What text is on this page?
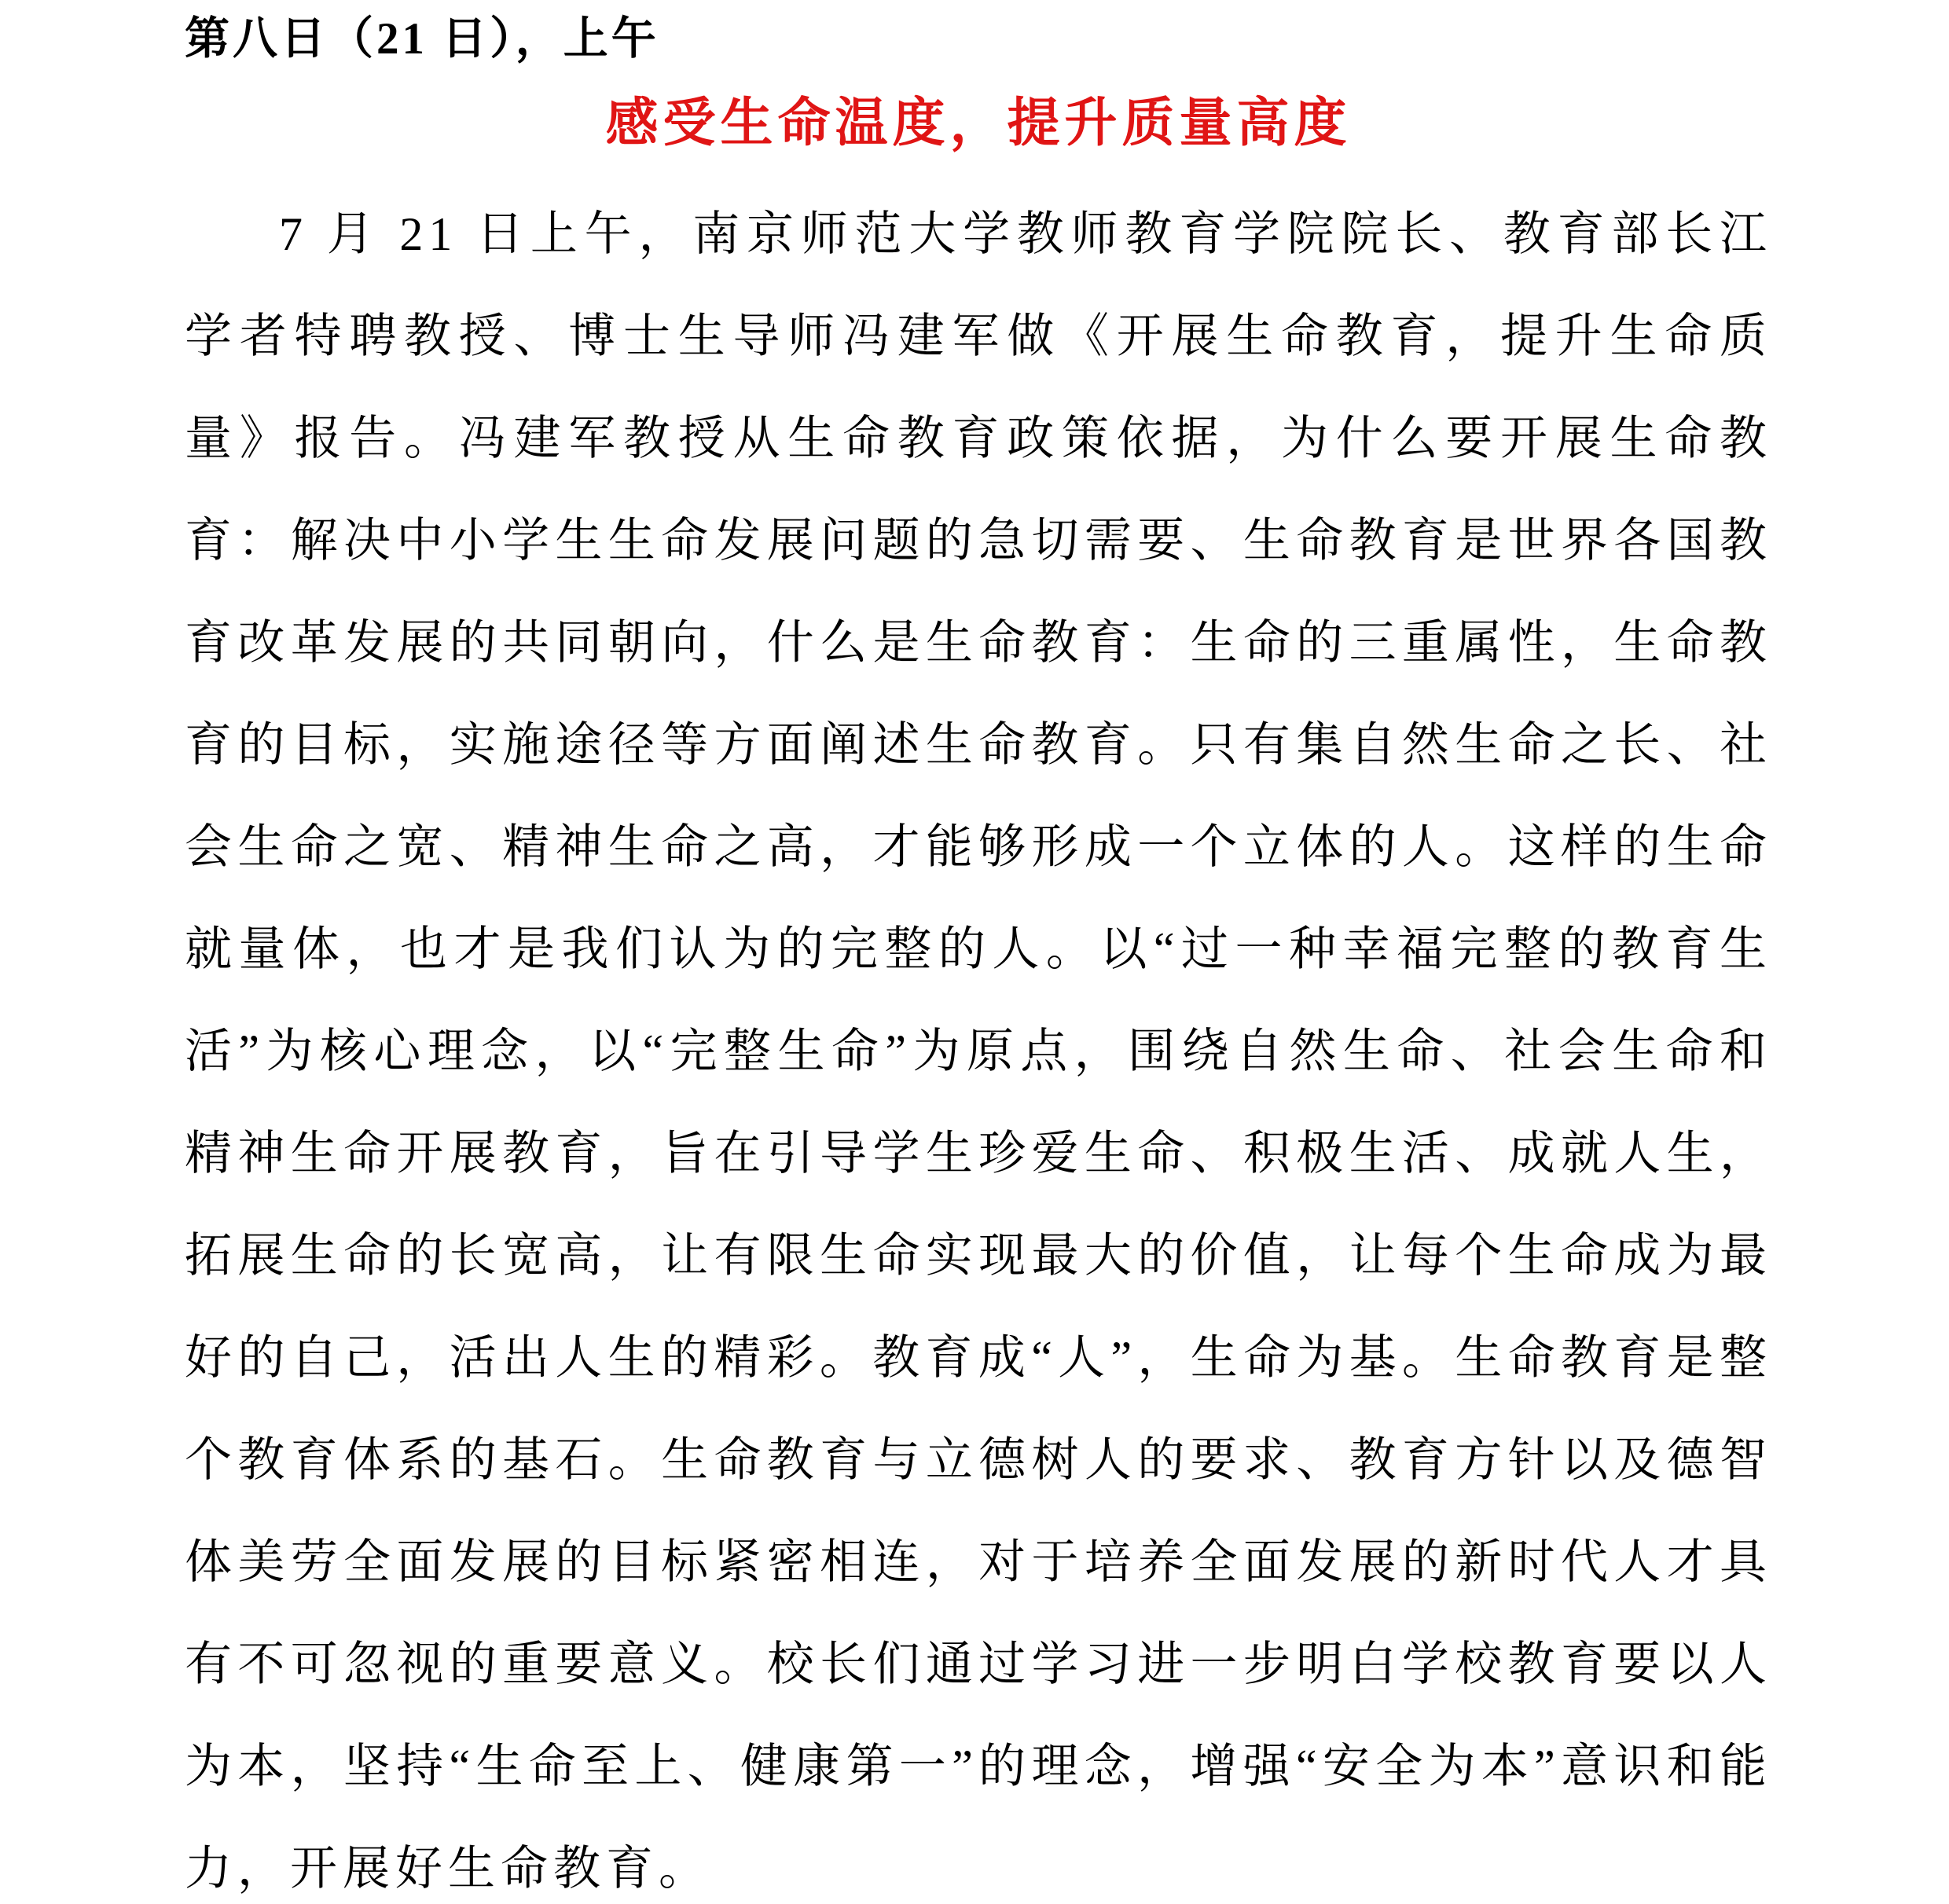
第八日（21 日），上午
感受生命温度，提升质量高度

7 月 21 日上午，南京师范大学教师教育学院院长、教育部长江学者特聘教授、博士生导师冯建军做《开展生命教育，提升生命质量》报告。冯建军教授从生命教育政策依据，为什么要开展生命教育：解决中小学生生命发展问题的急切需要、生命教育是世界各国教育改革发展的共同朝向，什么是生命教育：生命的三重属性，生命教育的目标，实施途径等方面阐述生命教育。只有集自然生命之长、社会生命之宽、精神生命之高，才能够形成一个立体的人。这样的生命就量体，也才是我们认为的完整的人。以“过一种幸福完整的教育生活”为核心理念，以“完整生命”为原点，围绕自然生命、社会生命和精神生命开展教育，旨在引导学生珍爱生命、积极生活、成就人生，拓展生命的长宽高，让有限生命实现最大的价值，让每个生命成为最好的自己，活出人生的精彩。教育成“人”，生命为基。生命教育是整个教育体系的基石。生命教育与立德树人的要求、教育方针以及德智体美劳全面发展的目标紧密相连，对于培养全面发展的新时代人才具有不可忽视的重要意义。校长们通过学习进一步明白学校教育要以人为本，坚持“生命至上、健康第一”的理念，增强“安全为本”意识和能力，开展好生命教育。
